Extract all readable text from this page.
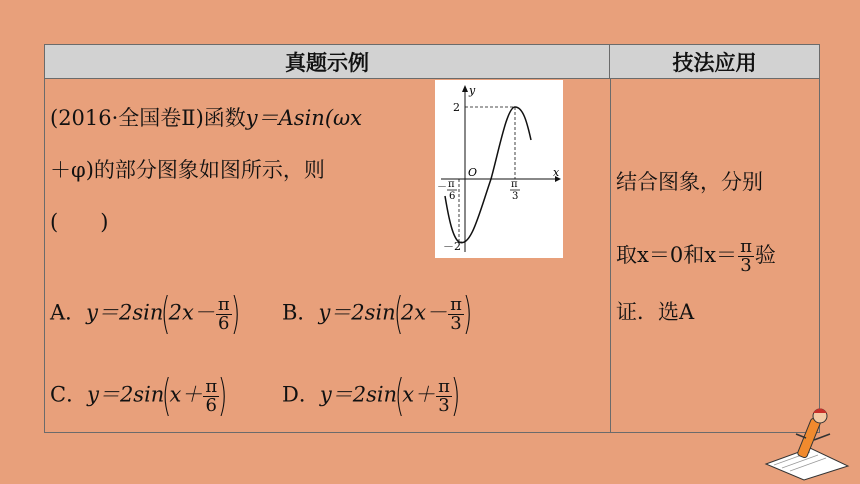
真题示例	技法应用
(2016·全国卷Ⅱ)函数y＝Asin(ωx
＋φ)的部分图象如图所示，则
(　　)
y
x
O
2
－2
－ π
6
π
3
A．$y=2\sin(2x- \frac{\pi}{6}$
) B．$y=2\sin(2x- \frac{\pi}{3}$
)
C．$y=2\sin(x+ \frac{\pi}{6}$
)	D．$y=2\sin(x+ \frac{\pi}{3}$
)
结合图象，分别
取x＝0和$x= \frac{\pi}{3}$ 验
证．选A
